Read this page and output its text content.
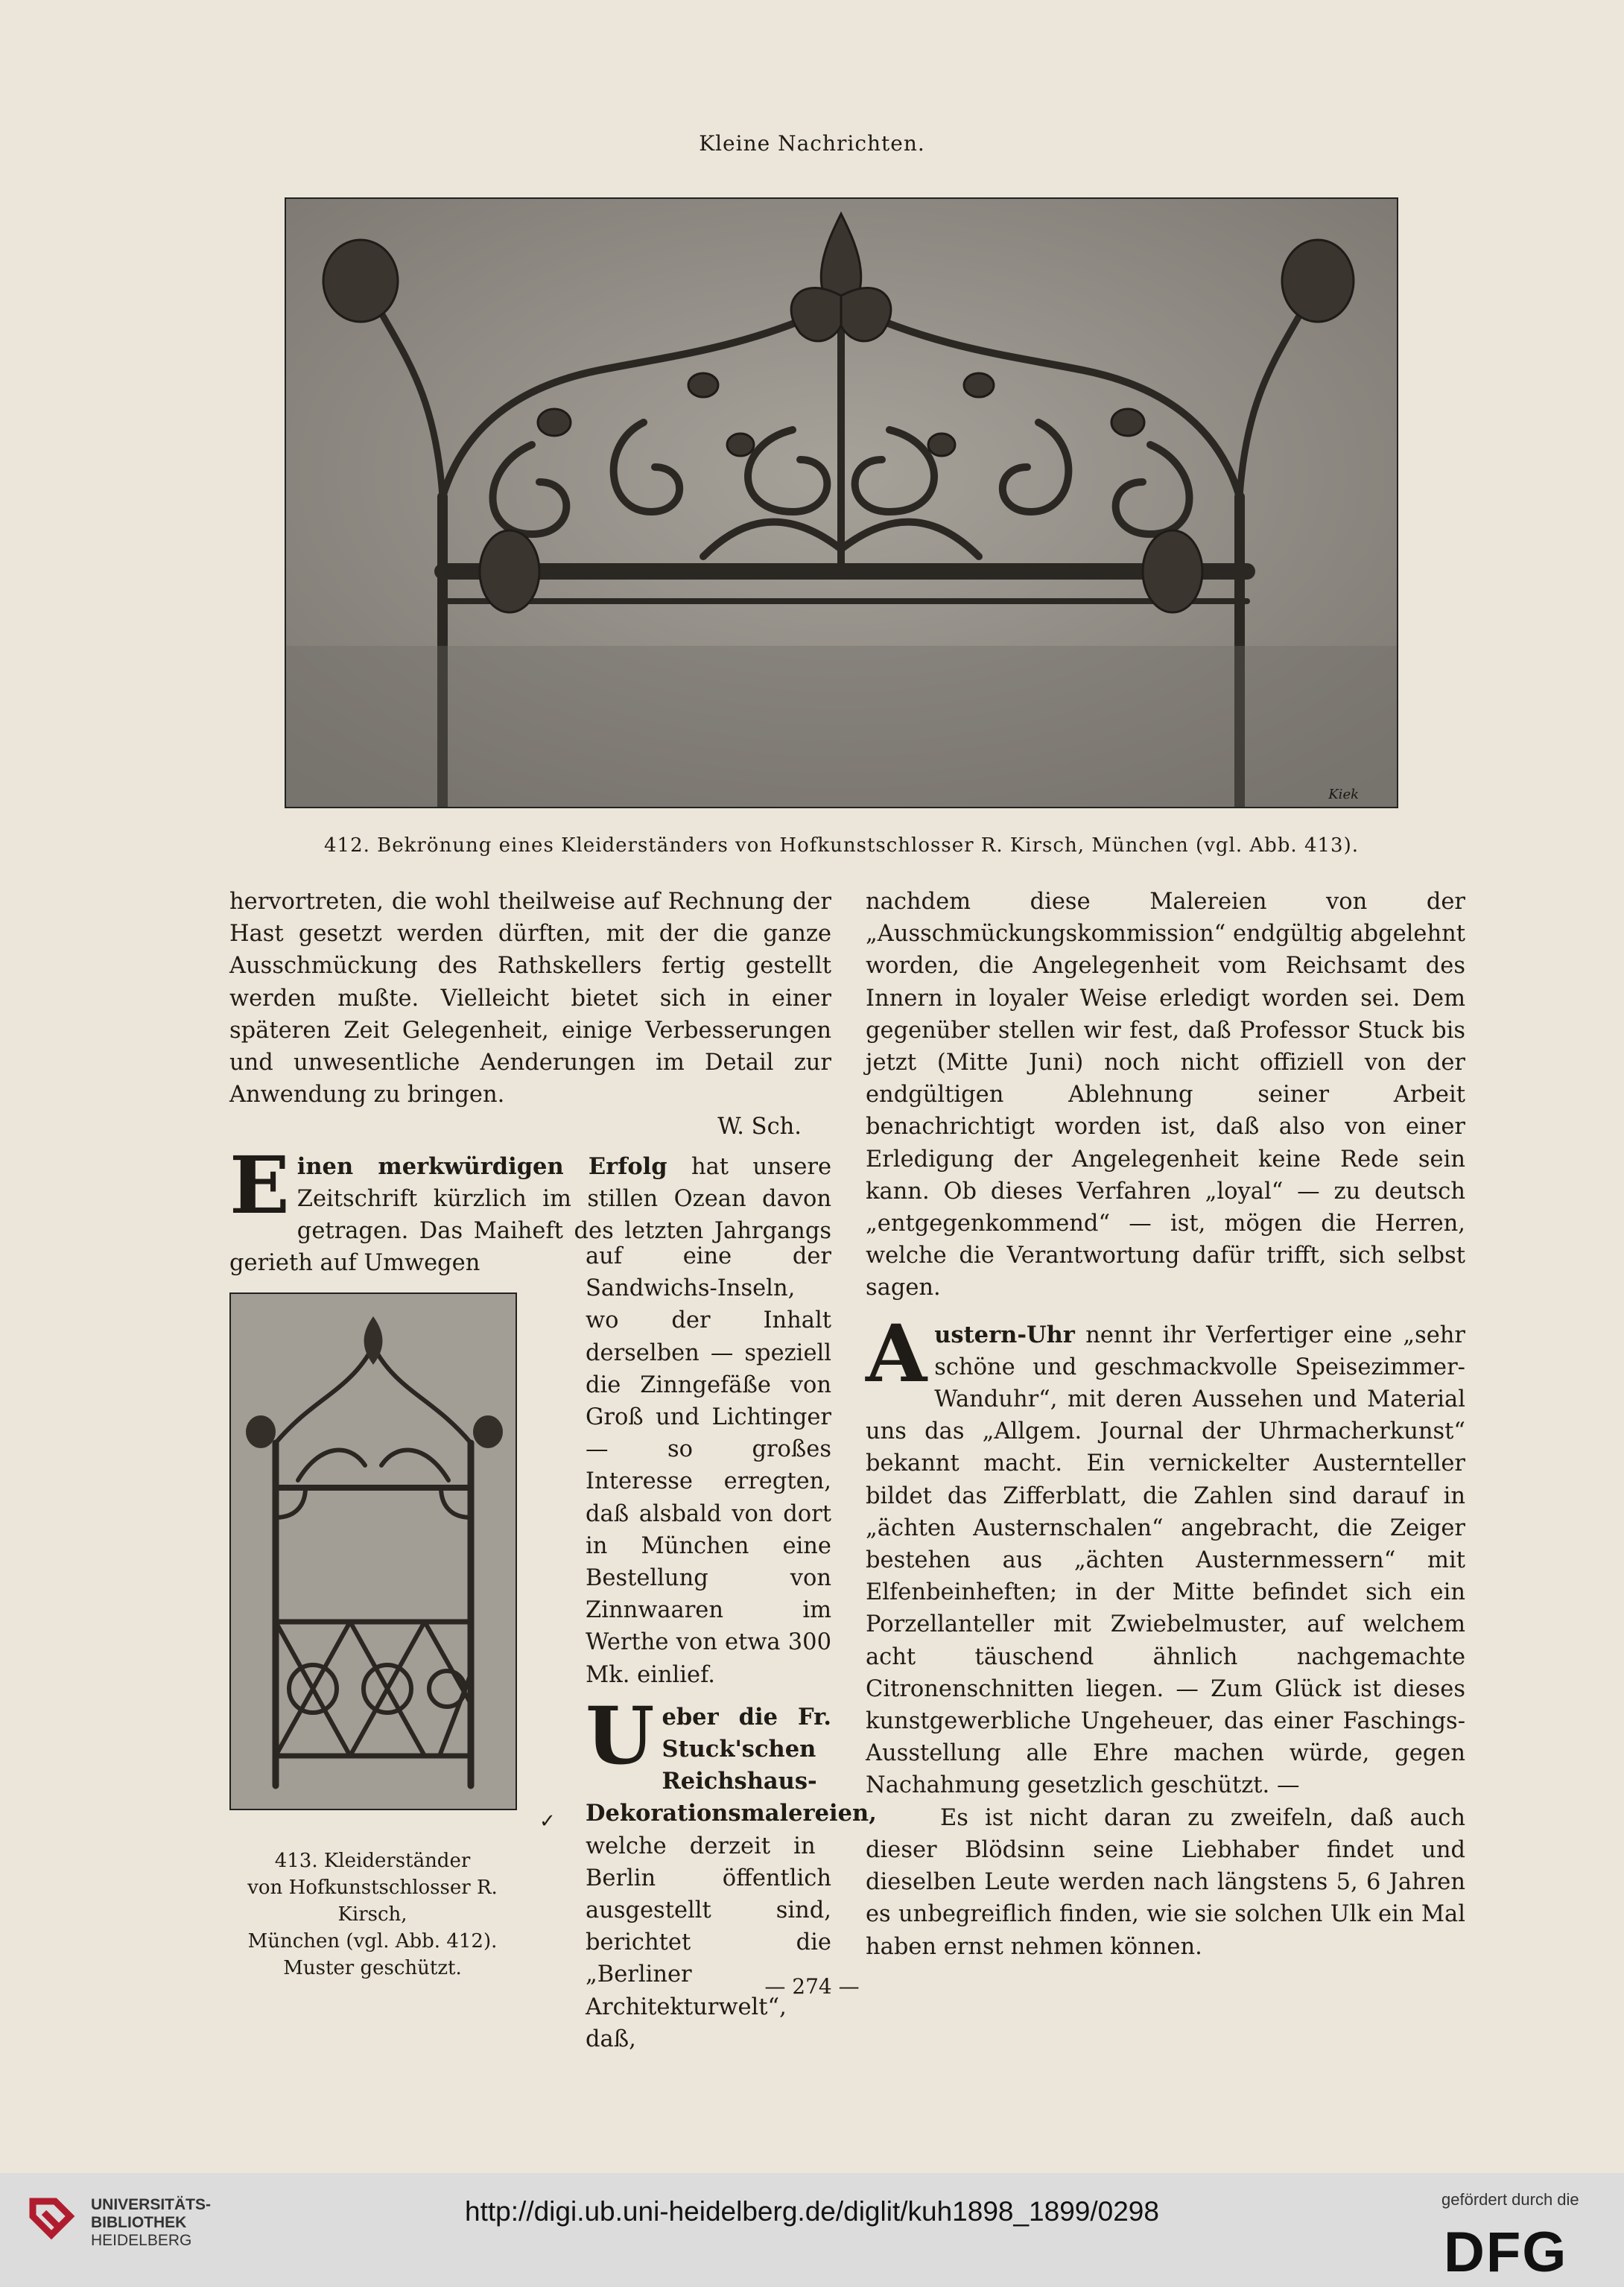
Kleine Nachrichten.
Kiek
412. Bekrönung eines Kleiderständers von Hofkunstschlosser R. Kirsch, München (vgl. Abb. 413).

hervortreten, die wohl theilweise auf Rechnung der Hast gesetzt werden dürften, mit der die ganze Ausschmückung des Rathskellers fertig gestellt werden mußte. Vielleicht bietet sich in einer späteren Zeit Gelegenheit, einige Verbesserungen und unwesentliche Aenderungen im Detail zur Anwendung zu bringen.

W. Sch.

Einen merkwürdigen Erfolg hat unsere Zeitschrift kürzlich im stillen Ozean davon getragen. Das Maiheft des letzten Jahrgangs gerieth auf Umwegen

✓
413. Kleiderständer
von Hofkunstschlosser R. Kirsch,
München (vgl. Abb. 412).
Muster geschützt.

auf eine der Sandwichs-Inseln, wo der Inhalt derselben — speziell die Zinngefäße von Groß und Lichtinger — so großes Interesse erregten, daß alsbald von dort in München eine Bestellung von Zinnwaaren im Werthe von etwa 300 Mk. einlief.

Ueber die Fr. Stuck'schen Reichshaus-Dekorationsmalereien, welche derzeit in Berlin öffentlich ausgestellt sind, berichtet die „Berliner Architekturwelt“, daß,

nachdem diese Malereien von der „Ausschmückungskommission“ endgültig abgelehnt worden, die Angelegenheit vom Reichsamt des Innern in loyaler Weise erledigt worden sei. Dem gegenüber stellen wir fest, daß Professor Stuck bis jetzt (Mitte Juni) noch nicht offiziell von der endgültigen Ablehnung seiner Arbeit benachrichtigt worden ist, daß also von einer Erledigung der Angelegenheit keine Rede sein kann. Ob dieses Verfahren „loyal“ — zu deutsch „entgegenkommend“ — ist, mögen die Herren, welche die Verantwortung dafür trifft, sich selbst sagen.

Austern-Uhr nennt ihr Verfertiger eine „sehr schöne und geschmackvolle Speisezimmer-Wanduhr“, mit deren Aussehen und Material uns das „Allgem. Journal der Uhrmacherkunst“ bekannt macht. Ein vernickelter Austernteller bildet das Zifferblatt, die Zahlen sind darauf in „ächten Austernschalen“ angebracht, die Zeiger bestehen aus „ächten Austernmessern“ mit Elfenbeinheften; in der Mitte befindet sich ein Porzellanteller mit Zwiebelmuster, auf welchem acht täuschend ähnlich nachgemachte Citronenschnitten liegen. — Zum Glück ist dieses kunstgewerbliche Ungeheuer, das einer Faschings-Ausstellung alle Ehre machen würde, gegen Nachahmung gesetzlich geschützt. —

Es ist nicht daran zu zweifeln, daß auch dieser Blödsinn seine Liebhaber findet und dieselben Leute werden nach längstens 5, 6 Jahren es unbegreiflich finden, wie sie solchen Ulk ein Mal haben ernst nehmen können.

— 274 —
UNIVERSITÄTS-
BIBLIOTHEK
HEIDELBERG
http://digi.ub.uni-heidelberg.de/diglit/kuh1898_1899/0298	gefördert durch die
DFG
